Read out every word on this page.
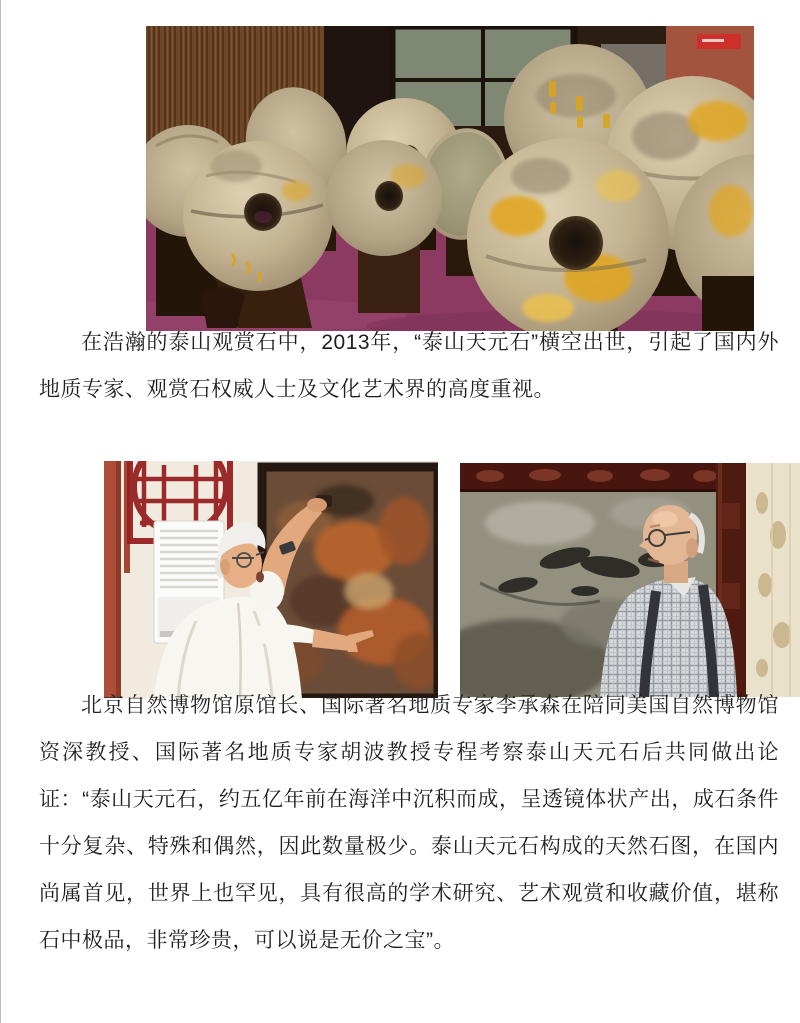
在浩瀚的泰山观赏石中，2013年，“泰山天元石”横空出世，引起了国内外地质专家、观赏石权威人士及文化艺术界的高度重视。

北京自然博物馆原馆长、国际著名地质专家李承森在陪同美国自然博物馆资深教授、国际著名地质专家胡波教授专程考察泰山天元石后共同做出论证：“泰山天元石，约五亿年前在海洋中沉积而成，呈透镜体状产出，成石条件十分复杂、特殊和偶然，因此数量极少。泰山天元石构成的天然石图，在国内尚属首见，世界上也罕见，具有很高的学术研究、艺术观赏和收藏价值，堪称石中极品，非常珍贵，可以说是无价之宝”。
